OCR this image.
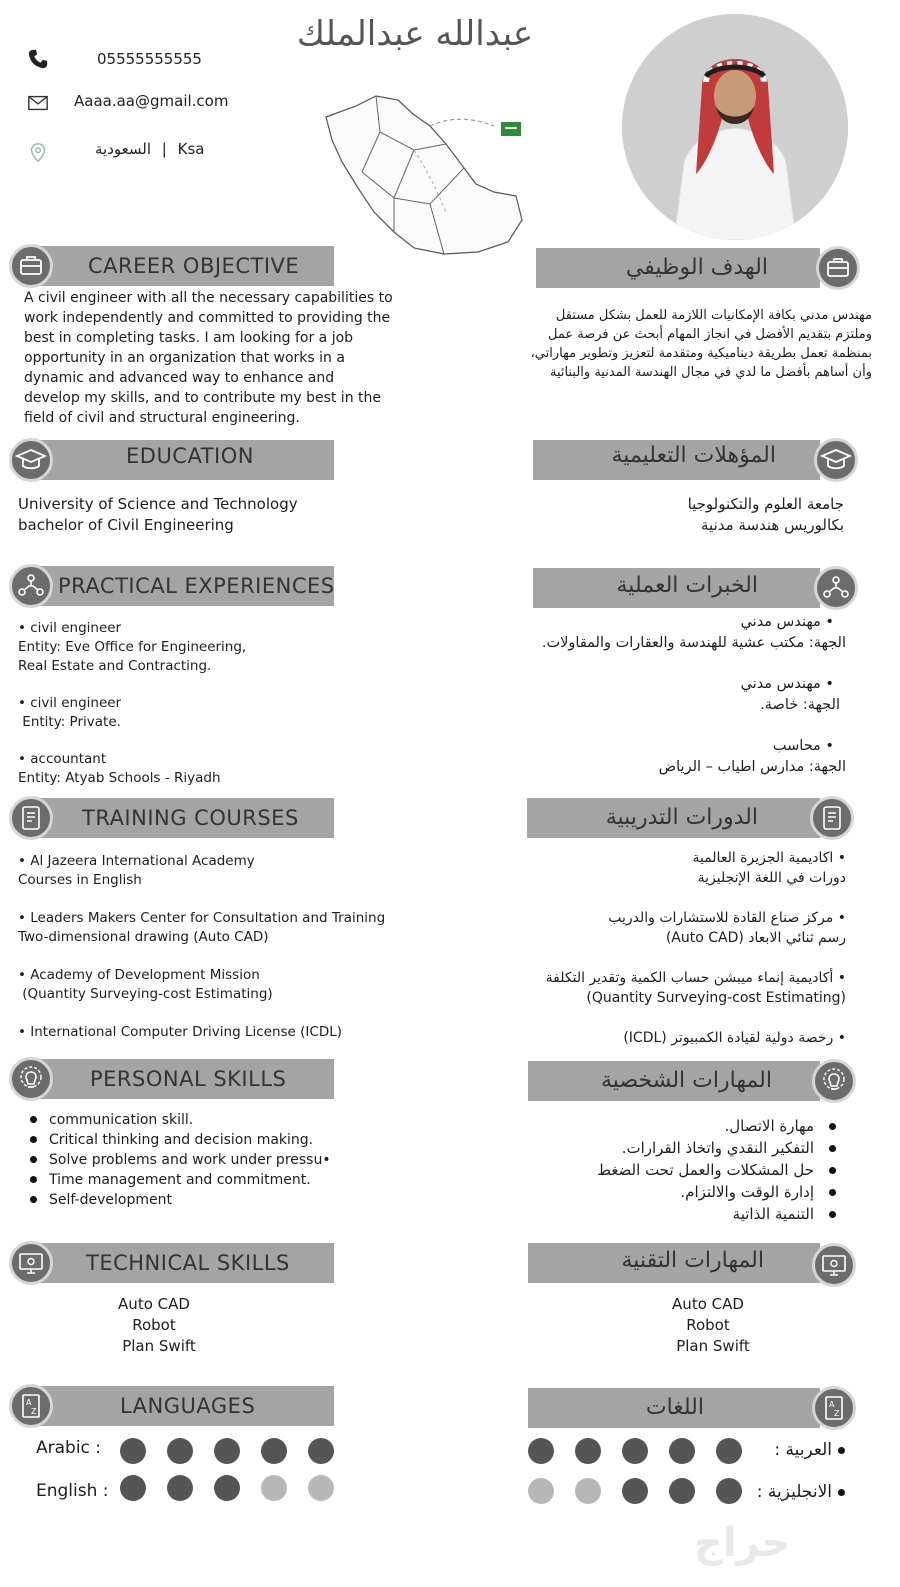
عبدالله عبدالملك
05555555555
Aaaa.aa@gmail.com
السعودية | Ksa
CAREER OBJECTIVE
A civil engineer with all the necessary capabilities to work independently and committed to providing the best in completing tasks. I am looking for a job opportunity in an organization that works in a dynamic and advanced way to enhance and develop my skills, and to contribute my best in the field of civil and structural engineering.
الهدف الوظيفي
مهندس مدني بكافة الإمكانيات اللازمة للعمل بشكل مستقل وملتزم بتقديم الأفضل في انجاز المهام أبحث عن فرصة عمل بمنظمة تعمل بطريقة ديناميكية ومتقدمة لتعزيز وتطوير مهاراتي، وأن أساهم بأفضل ما لدي في مجال الهندسة المدنية والبنائية
EDUCATION
University of Science and Technology
bachelor of Civil Engineering
المؤهلات التعليمية
جامعة العلوم والتكنولوجيا
بكالوريس هندسة مدنية
PRACTICAL EXPERIENCES
• civil engineer
Entity: Eve Office for Engineering,
Real Estate and Contracting.
• civil engineer
Entity: Private.
• accountant
Entity: Atyab Schools - Riyadh
الخبرات العملية
• مهندس مدني
الجهة: مكتب عشية للهندسة والعقارات والمقاولات.
• مهندس مدني
الجهة: خاصة.
• محاسب
الجهة: مدارس اطياب – الرياض
TRAINING COURSES
• Al Jazeera International Academy
Courses in English
• Leaders Makers Center for Consultation and Training
Two-dimensional drawing (Auto CAD)
• Academy of Development Mission
(Quantity Surveying-cost Estimating)
• International Computer Driving License (ICDL)
الدورات التدريبية
• اكاديمية الجزيرة العالمية
دورات في اللغة الإنجليزية
• مركز صناع القادة للاستشارات والدريب
رسم ثنائي الابعاد (Auto CAD)
• أكاديمية إنماء ميبشن حساب الكمية وتقدير التكلفة
(Quantity Surveying-cost Estimating)
• رخصة دولية لقيادة الكمبيوتر (ICDL)
PERSONAL SKILLS
communication skill.
Critical thinking and decision making.
Solve problems and work under pressu•
Time management and commitment.
Self-development
المهارات الشخصية
مهارة الاتصال.
التفكير النقدي واتخاذ القرارات.
حل المشكلات والعمل تحت الضغط
إدارة الوقت والالتزام.
التنمية الذاتية
TECHNICAL SKILLS
Auto CAD
Robot
Plan Swift
المهارات التقنية
Auto CAD
Robot
Plan Swift
LANGUAGES
A
Z
Arabic :
English :
اللغات	A
Z
العربية :
الانجليزية :
حراج
